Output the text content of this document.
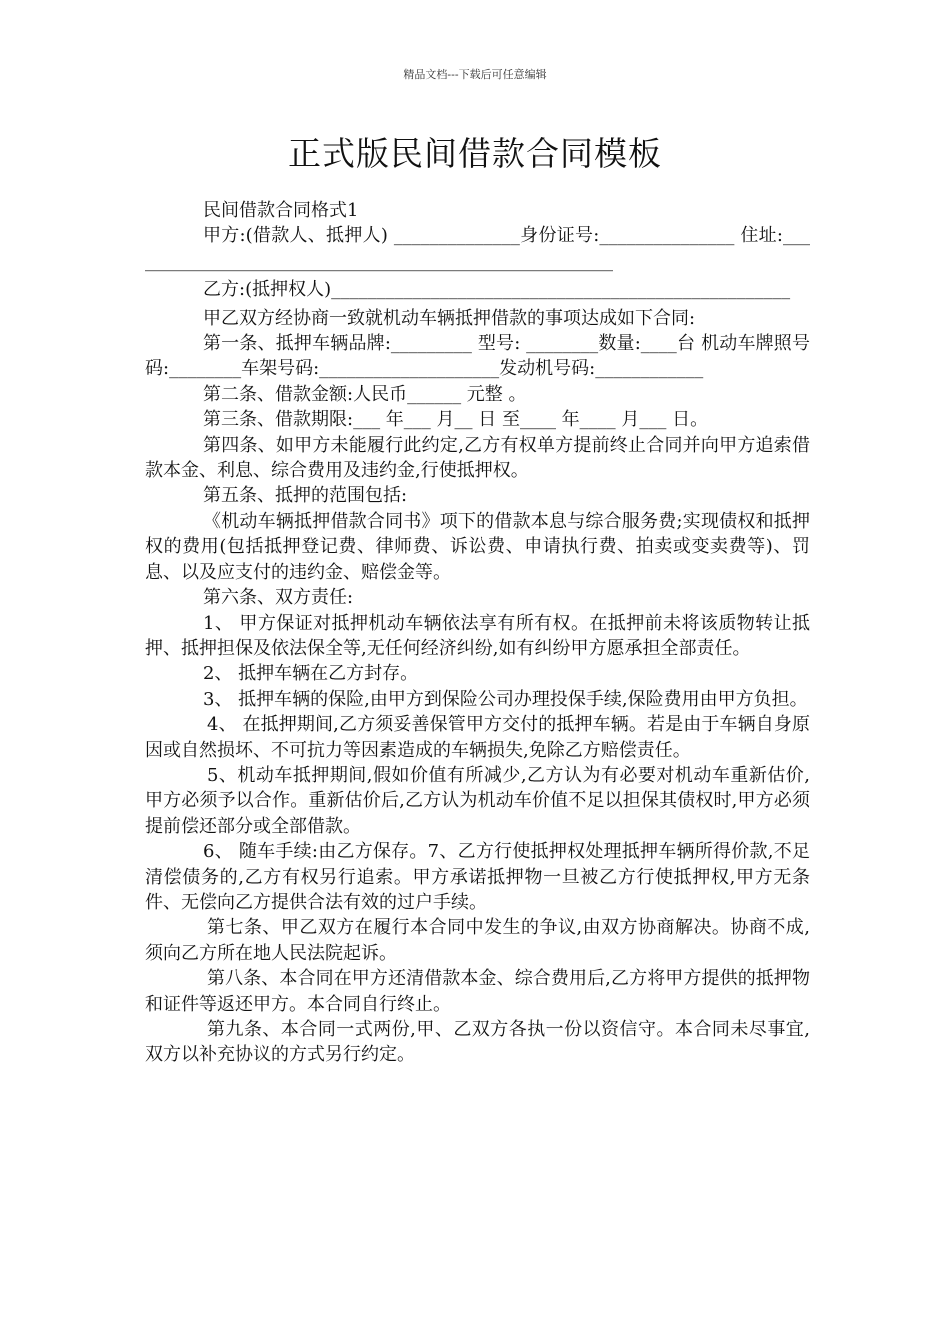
精品文档---下载后可任意编辑
正式版民间借款合同模板

民间借款合同格式1

甲方:(借款人、抵押人) ______________身份证号:_______________ 住址:_______________________________________________________

乙方:(抵押权人)___________________________________________________

甲乙双方经协商一致就机动车辆抵押借款的事项达成如下合同:

第一条、抵押车辆品牌:_________ 型号: ________数量:____台 机动车牌照号码:________车架号码:____________________发动机号码:____________

第二条、借款金额:人民币______ 元整 。

第三条、借款期限:___ 年___ 月__ 日 至____ 年____ 月___ 日。

第四条、如甲方未能履行此约定,乙方有权单方提前终止合同并向甲方追索借款本金、利息、综合费用及违约金,行使抵押权。

第五条、抵押的范围包括:

《机动车辆抵押借款合同书》项下的借款本息与综合服务费;实现债权和抵押权的费用(包括抵押登记费、律师费、诉讼费、申请执行费、拍卖或变卖费等)、罚息、以及应支付的违约金、赔偿金等。

第六条、双方责任:

1、 甲方保证对抵押机动车辆依法享有所有权。在抵押前未将该质物转让抵押、抵押担保及依法保全等,无任何经济纠纷,如有纠纷甲方愿承担全部责任。

2、 抵押车辆在乙方封存。

3、 抵押车辆的保险,由甲方到保险公司办理投保手续,保险费用由甲方负担。

4、 在抵押期间,乙方须妥善保管甲方交付的抵押车辆。若是由于车辆自身原因或自然损坏、不可抗力等因素造成的车辆损失,免除乙方赔偿责任。

5、机动车抵押期间,假如价值有所减少,乙方认为有必要对机动车重新估价,甲方必须予以合作。重新估价后,乙方认为机动车价值不足以担保其债权时,甲方必须提前偿还部分或全部借款。

6、 随车手续:由乙方保存。7、乙方行使抵押权处理抵押车辆所得价款,不足清偿债务的,乙方有权另行追索。甲方承诺抵押物一旦被乙方行使抵押权,甲方无条件、无偿向乙方提供合法有效的过户手续。

第七条、甲乙双方在履行本合同中发生的争议,由双方协商解决。协商不成,须向乙方所在地人民法院起诉。

第八条、本合同在甲方还清借款本金、综合费用后,乙方将甲方提供的抵押物和证件等返还甲方。本合同自行终止。

第九条、本合同一式两份,甲、乙双方各执一份以资信守。本合同未尽事宜,双方以补充协议的方式另行约定。
